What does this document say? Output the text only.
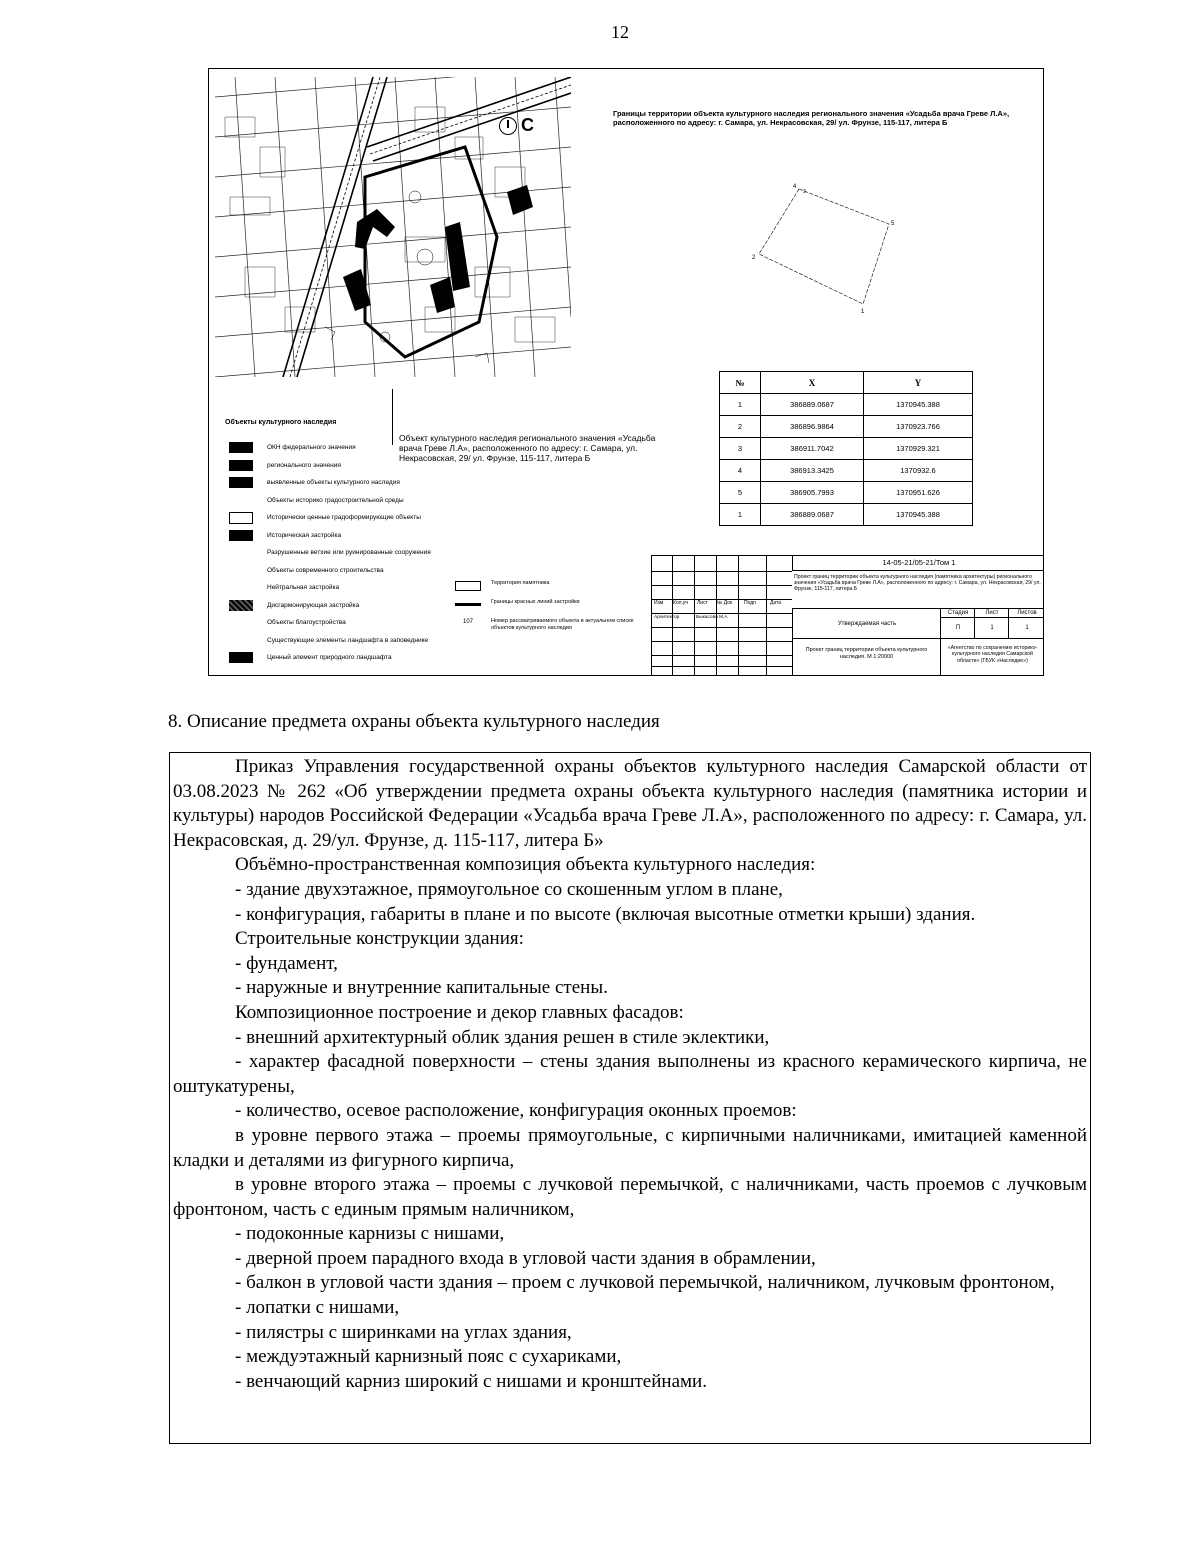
12
С
Границы территории объекта культурного наследия регионального значения «Усадьба врача Греве Л.А», расположенного по адресу: г. Самара, ул. Некрасовская, 29/ ул. Фрунзе, 115-117, литера Б
4
5
1
2
3
Объект культурного наследия регионального значения «Усадьба врача Греве Л.А», расположенного по адресу: г. Самара, ул. Некрасовская, 29/ ул. Фрунзе, 115-117, литера Б
№	X	Y
1	386889.0687	1370945.388
2	386896.9864	1370923.766
3	386911.7042	1370929.321
4	386913.3425	1370932.6
5	386905.7993	1370951.626
1	386889.0687	1370945.388
Объекты культурного наследия
ОКН федерального значения
регионального значения
выявленные объекты культурного наследия
Объекты историко градостроительной среды
Исторически ценные градоформирующие объекты
Историческая застройка
Разрушенные ветхие или руинированные сооружения
Объекты современного строительства
Нейтральная застройка
Дисгармонирующая застройка
Объекты благоустройства
Существующие элементы ландшафта в заповеднике
Ценный элемент природного ландшафта
Территория памятника
Границы красных линий застройки
107	Номер рассматриваемого объекта в актуальном списке объектов культурного наследия
Изм Кол.уч Лист № Док Подп	Дата
Архитектор	Быкасова М.А
14-05-21/05-21/Том 1
Проект границ территории объекта культурного наследия (памятника архитектуры) регионального значения «Усадьба врача Греве Л.А», расположенного по адресу: г. Самара, ул. Некрасовская, 29/ ул. Фрунзе, 115-117, литера Б
Утверждаемая часть
Стадия	Лист	Листов
П	1	1
Проект границ территории объекта культурного наследия. М 1:20000
«Агентство по сохранению историко-культурного наследия Самарской области» (ГБУК «Наследие»)
8. Описание предмета охраны объекта культурного наследия

Приказ Управления государственной охраны объектов культурного наследия Самарской области от 03.08.2023 № 262 «Об утверждении предмета охраны объекта культурного наследия (памятника истории и культуры) народов Российской Федерации «Усадьба врача Греве Л.А», расположенного по адресу: г. Самара, ул. Некрасовская, д. 29/ул. Фрунзе, д. 115-117, литера Б»

Объёмно-пространственная композиция объекта культурного наследия:

- здание двухэтажное, прямоугольное со скошенным углом в плане,

- конфигурация, габариты в плане и по высоте (включая высотные отметки крыши) здания.

Строительные конструкции здания:

- фундамент,

- наружные и внутренние капитальные стены.

Композиционное построение и декор главных фасадов:

- внешний архитектурный облик здания решен в стиле эклектики,

- характер фасадной поверхности – стены здания выполнены из красного керамического кирпича, не оштукатурены,

- количество, осевое расположение, конфигурация оконных проемов:

в уровне первого этажа – проемы прямоугольные, с кирпичными наличниками, имитацией каменной кладки и деталями из фигурного кирпича,

в уровне второго этажа – проемы с лучковой перемычкой, с наличниками, часть проемов с лучковым фронтоном, часть с единым прямым наличником,

- подоконные карнизы с нишами,

- дверной проем парадного входа в угловой части здания в обрамлении,

- балкон в угловой части здания – проем с лучковой перемычкой, наличником, лучковым фронтоном,

- лопатки с нишами,

- пилястры с ширинками на углах здания,

- междуэтажный карнизный пояс с сухариками,

- венчающий карниз широкий с нишами и кронштейнами.
